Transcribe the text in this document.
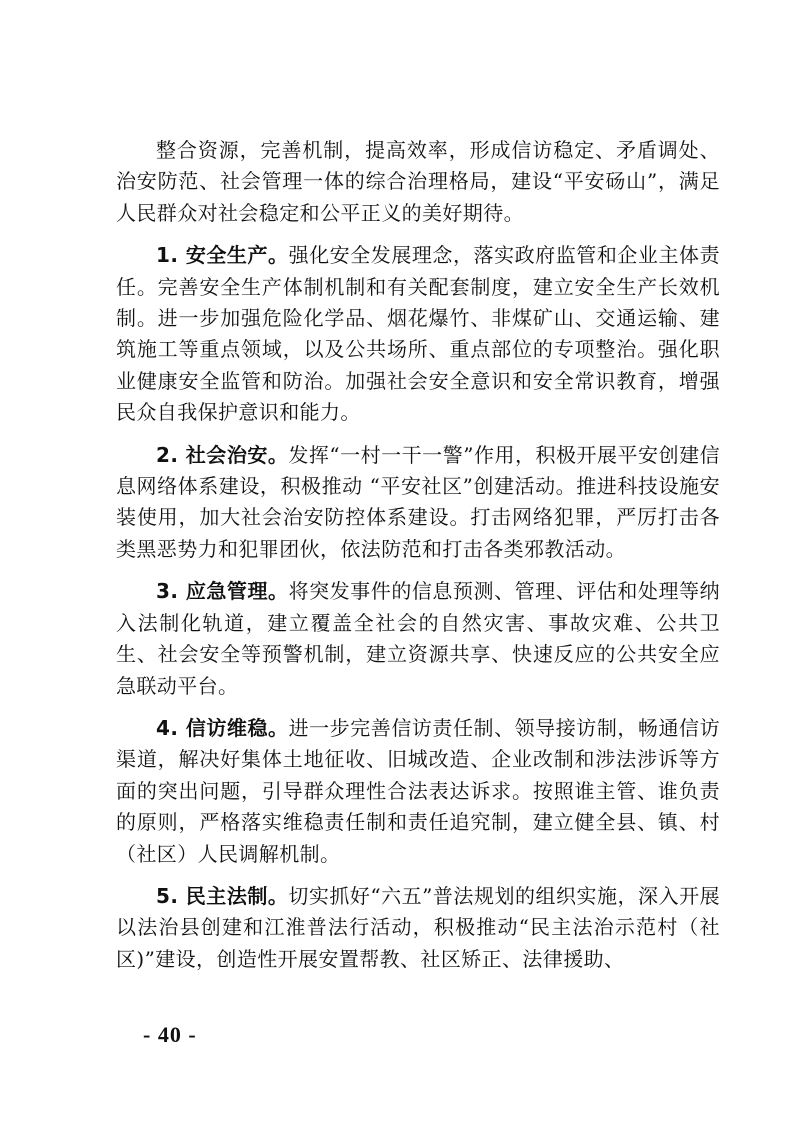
整合资源，完善机制，提高效率，形成信访稳定、矛盾调处、治安防范、社会管理一体的综合治理格局，建设“平安砀山”，满足人民群众对社会稳定和公平正义的美好期待。

1. 安全生产。强化安全发展理念，落实政府监管和企业主体责任。完善安全生产体制机制和有关配套制度，建立安全生产长效机制。进一步加强危险化学品、烟花爆竹、非煤矿山、交通运输、建筑施工等重点领域，以及公共场所、重点部位的专项整治。强化职业健康安全监管和防治。加强社会安全意识和安全常识教育，增强民众自我保护意识和能力。

2. 社会治安。发挥“一村一干一警”作用，积极开展平安创建信息网络体系建设，积极推动 “平安社区”创建活动。推进科技设施安装使用，加大社会治安防控体系建设。打击网络犯罪，严厉打击各类黑恶势力和犯罪团伙，依法防范和打击各类邪教活动。

3. 应急管理。将突发事件的信息预测、管理、评估和处理等纳入法制化轨道，建立覆盖全社会的自然灾害、事故灾难、公共卫生、社会安全等预警机制，建立资源共享、快速反应的公共安全应急联动平台。

4. 信访维稳。进一步完善信访责任制、领导接访制，畅通信访渠道，解决好集体土地征收、旧城改造、企业改制和涉法涉诉等方面的突出问题，引导群众理性合法表达诉求。按照谁主管、谁负责的原则，严格落实维稳责任制和责任追究制，建立健全县、镇、村（社区）人民调解机制。

5. 民主法制。切实抓好“六五”普法规划的组织实施，深入开展以法治县创建和江淮普法行活动，积极推动“民主法治示范村（社区)”建设，创造性开展安置帮教、社区矫正、法律援助、

- 40 -
